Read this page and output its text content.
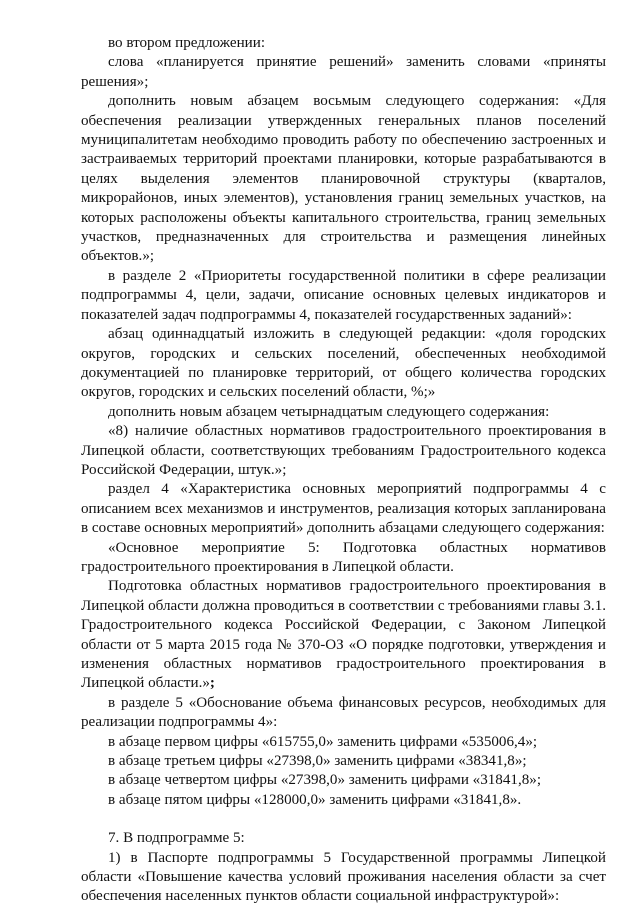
во втором предложении:

слова «планируется принятие решений» заменить словами «приняты решения»;

дополнить новым абзацем восьмым следующего содержания: «Для обеспечения реализации утвержденных генеральных планов поселений муниципалитетам необходимо проводить работу по обеспечению застроенных и застраиваемых территорий проектами планировки, которые разрабатываются в целях выделения элементов планировочной структуры (кварталов, микрорайонов, иных элементов), установления границ земельных участков, на которых расположены объекты капитального строительства, границ земельных участков, предназначенных для строительства и размещения линейных объектов.»;

в разделе 2 «Приоритеты государственной политики в сфере реализации подпрограммы 4, цели, задачи, описание основных целевых индикаторов и показателей задач подпрограммы 4, показателей государственных заданий»:

абзац одиннадцатый изложить в следующей редакции: «доля городских округов, городских и сельских поселений, обеспеченных необходимой документацией по планировке территорий, от общего количества городских округов, городских и сельских поселений области, %;»

дополнить новым абзацем четырнадцатым следующего содержания:

«8) наличие областных нормативов градостроительного проектирования в Липецкой области, соответствующих требованиям Градостроительного кодекса Российской Федерации, штук.»;

раздел 4 «Характеристика основных мероприятий подпрограммы 4 с описанием всех механизмов и инструментов, реализация которых запланирована в составе основных мероприятий» дополнить абзацами следующего содержания:

«Основное мероприятие 5: Подготовка областных нормативов градостроительного проектирования в Липецкой области.

Подготовка областных нормативов градостроительного проектирования в Липецкой области должна проводиться в соответствии с требованиями главы 3.1. Градостроительного кодекса Российской Федерации, с Законом Липецкой области от 5 марта 2015 года № 370-ОЗ «О порядке подготовки, утверждения и изменения областных нормативов градостроительного проектирования в Липецкой области.»;

в разделе 5 «Обоснование объема финансовых ресурсов, необходимых для реализации подпрограммы 4»:

в абзаце первом цифры «615755,0» заменить цифрами «535006,4»;

в абзаце третьем цифры «27398,0» заменить цифрами «38341,8»;

в абзаце четвертом цифры «27398,0» заменить цифрами «31841,8»;

в абзаце пятом цифры «128000,0» заменить цифрами «31841,8».

7. В подпрограмме 5:

1) в Паспорте подпрограммы 5 Государственной программы Липецкой области «Повышение качества условий проживания населения области за счет обеспечения населенных пунктов области социальной инфраструктурой»:
